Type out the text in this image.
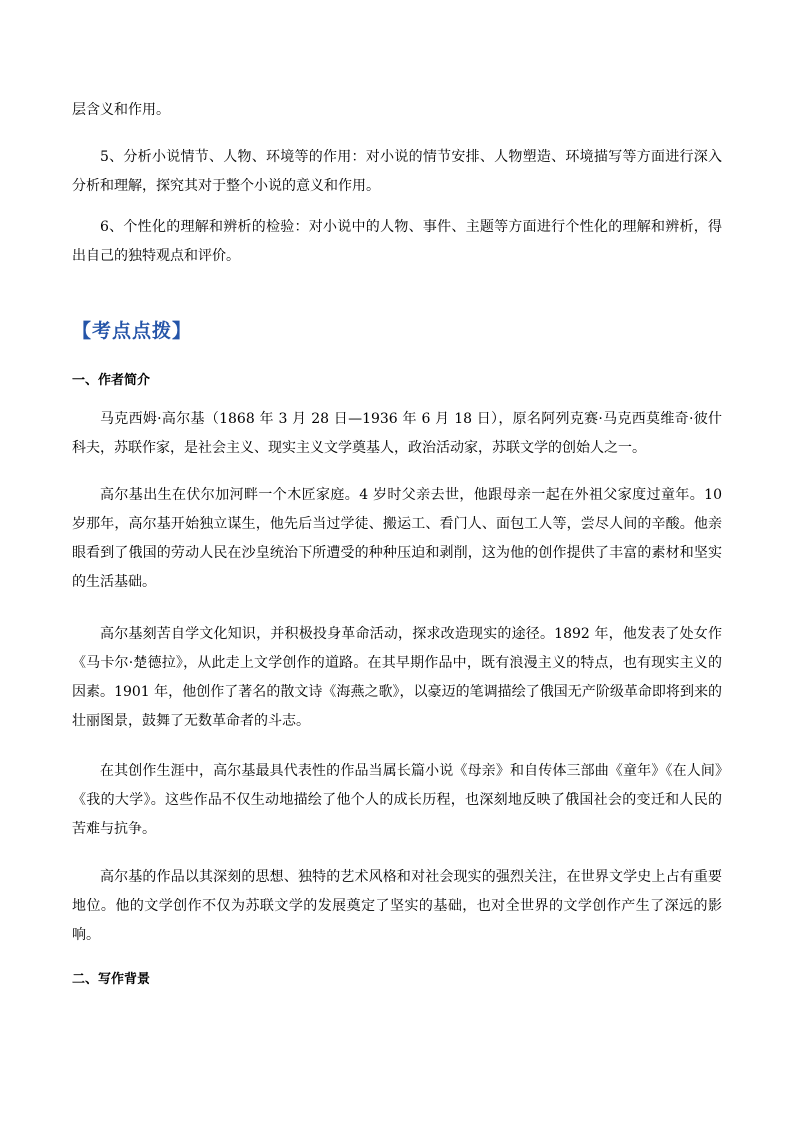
层含义和作用。

5、分析小说情节、人物、环境等的作用：对小说的情节安排、人物塑造、环境描写等方面进行深入分析和理解，探究其对于整个小说的意义和作用。

6、个性化的理解和辨析的检验：对小说中的人物、事件、主题等方面进行个性化的理解和辨析，得出自己的独特观点和评价。

【考点点拨】
一、作者简介

马克西姆·高尔基（1868 年 3 月 28 日—1936 年 6 月 18 日），原名阿列克赛·马克西莫维奇·彼什科夫，苏联作家，是社会主义、现实主义文学奠基人，政治活动家，苏联文学的创始人之一。

高尔基出生在伏尔加河畔一个木匠家庭。4 岁时父亲去世，他跟母亲一起在外祖父家度过童年。10 岁那年，高尔基开始独立谋生，他先后当过学徒、搬运工、看门人、面包工人等，尝尽人间的辛酸。他亲眼看到了俄国的劳动人民在沙皇统治下所遭受的种种压迫和剥削，这为他的创作提供了丰富的素材和坚实的生活基础。

高尔基刻苦自学文化知识，并积极投身革命活动，探求改造现实的途径。1892 年，他发表了处女作《马卡尔·楚德拉》，从此走上文学创作的道路。在其早期作品中，既有浪漫主义的特点，也有现实主义的因素。1901 年，他创作了著名的散文诗《海燕之歌》，以豪迈的笔调描绘了俄国无产阶级革命即将到来的壮丽图景，鼓舞了无数革命者的斗志。

在其创作生涯中，高尔基最具代表性的作品当属长篇小说《母亲》和自传体三部曲《童年》《在人间》《我的大学》。这些作品不仅生动地描绘了他个人的成长历程，也深刻地反映了俄国社会的变迁和人民的苦难与抗争。

高尔基的作品以其深刻的思想、独特的艺术风格和对社会现实的强烈关注，在世界文学史上占有重要地位。他的文学创作不仅为苏联文学的发展奠定了坚实的基础，也对全世界的文学创作产生了深远的影响。

二、写作背景
